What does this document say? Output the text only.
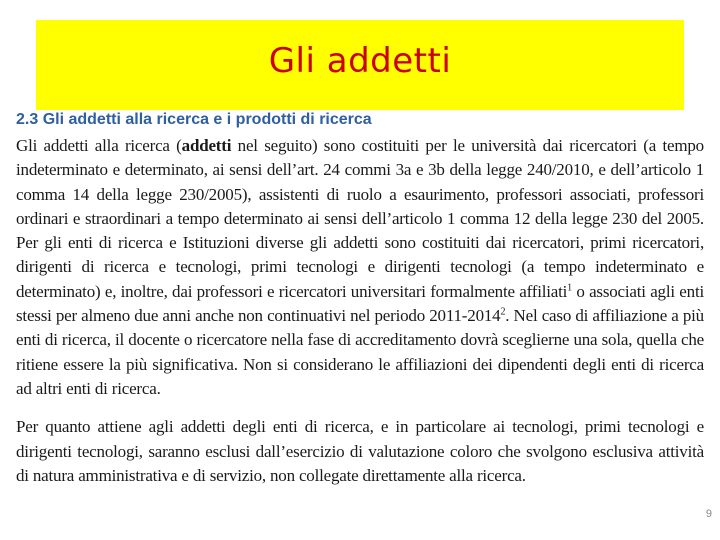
Gli addetti
2.3 Gli addetti alla ricerca e i prodotti di ricerca

Gli addetti alla ricerca (addetti nel seguito) sono costituiti per le università dai ricercatori (a tempo indeterminato e determinato, ai sensi dell’art. 24 commi 3a e 3b della legge 240/2010, e dell’articolo 1 comma 14 della legge 230/2005), assistenti di ruolo a esaurimento, professori associati, professori ordinari e straordinari a tempo determinato ai sensi dell’articolo 1 comma 12 della legge 230 del 2005. Per gli enti di ricerca e Istituzioni diverse gli addetti sono costituiti dai ricercatori, primi ricercatori, dirigenti di ricerca e tecnologi, primi tecnologi e dirigenti tecnologi (a tempo indeterminato e determinato) e, inoltre, dai professori e ricercatori universitari formalmente affiliati$^1$ o associati agli enti stessi per almeno due anni anche non continuativi nel periodo 2011-2014$^2$. Nel caso di affiliazione a più enti di ricerca, il docente o ricercatore nella fase di accreditamento dovrà sceglierne una sola, quella che ritiene essere la più significativa. Non si considerano le affiliazioni dei dipendenti degli enti di ricerca ad altri enti di ricerca.

Per quanto attiene agli addetti degli enti di ricerca, e in particolare ai tecnologi, primi tecnologi e dirigenti tecnologi, saranno esclusi dall’esercizio di valutazione coloro che svolgono esclusiva attività di natura amministrativa e di servizio, non collegate direttamente alla ricerca.

9
